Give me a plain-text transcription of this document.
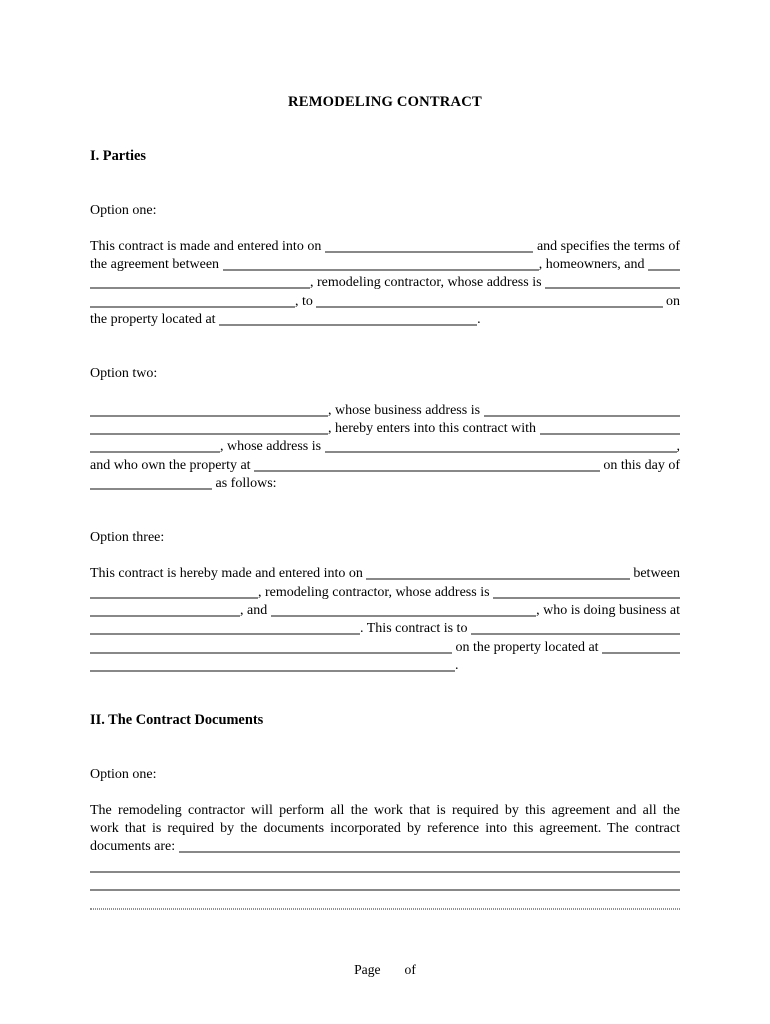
REMODELING CONTRACT
I. Parties
Option one:
This contract is made and entered into on	and specifies the terms of
the agreement between	, homeowners, and
, remodeling contractor, whose address is
, to	on
the property located at	.
Option two:
, whose business address is
, hereby enters into this contract with
, whose address is	,
and who own the property at	on this day of
as follows:
Option three:
This contract is hereby made and entered into on	between
, remodeling contractor, whose address is
, and	, who is doing business at
. This contract is to
on the property located at
.
II. The Contract Documents
Option one:
The remodeling contractor will perform all the work that is required by this agreement and all the
work that is required by the documents incorporated by reference into this agreement. The contract
documents are:
Page of
